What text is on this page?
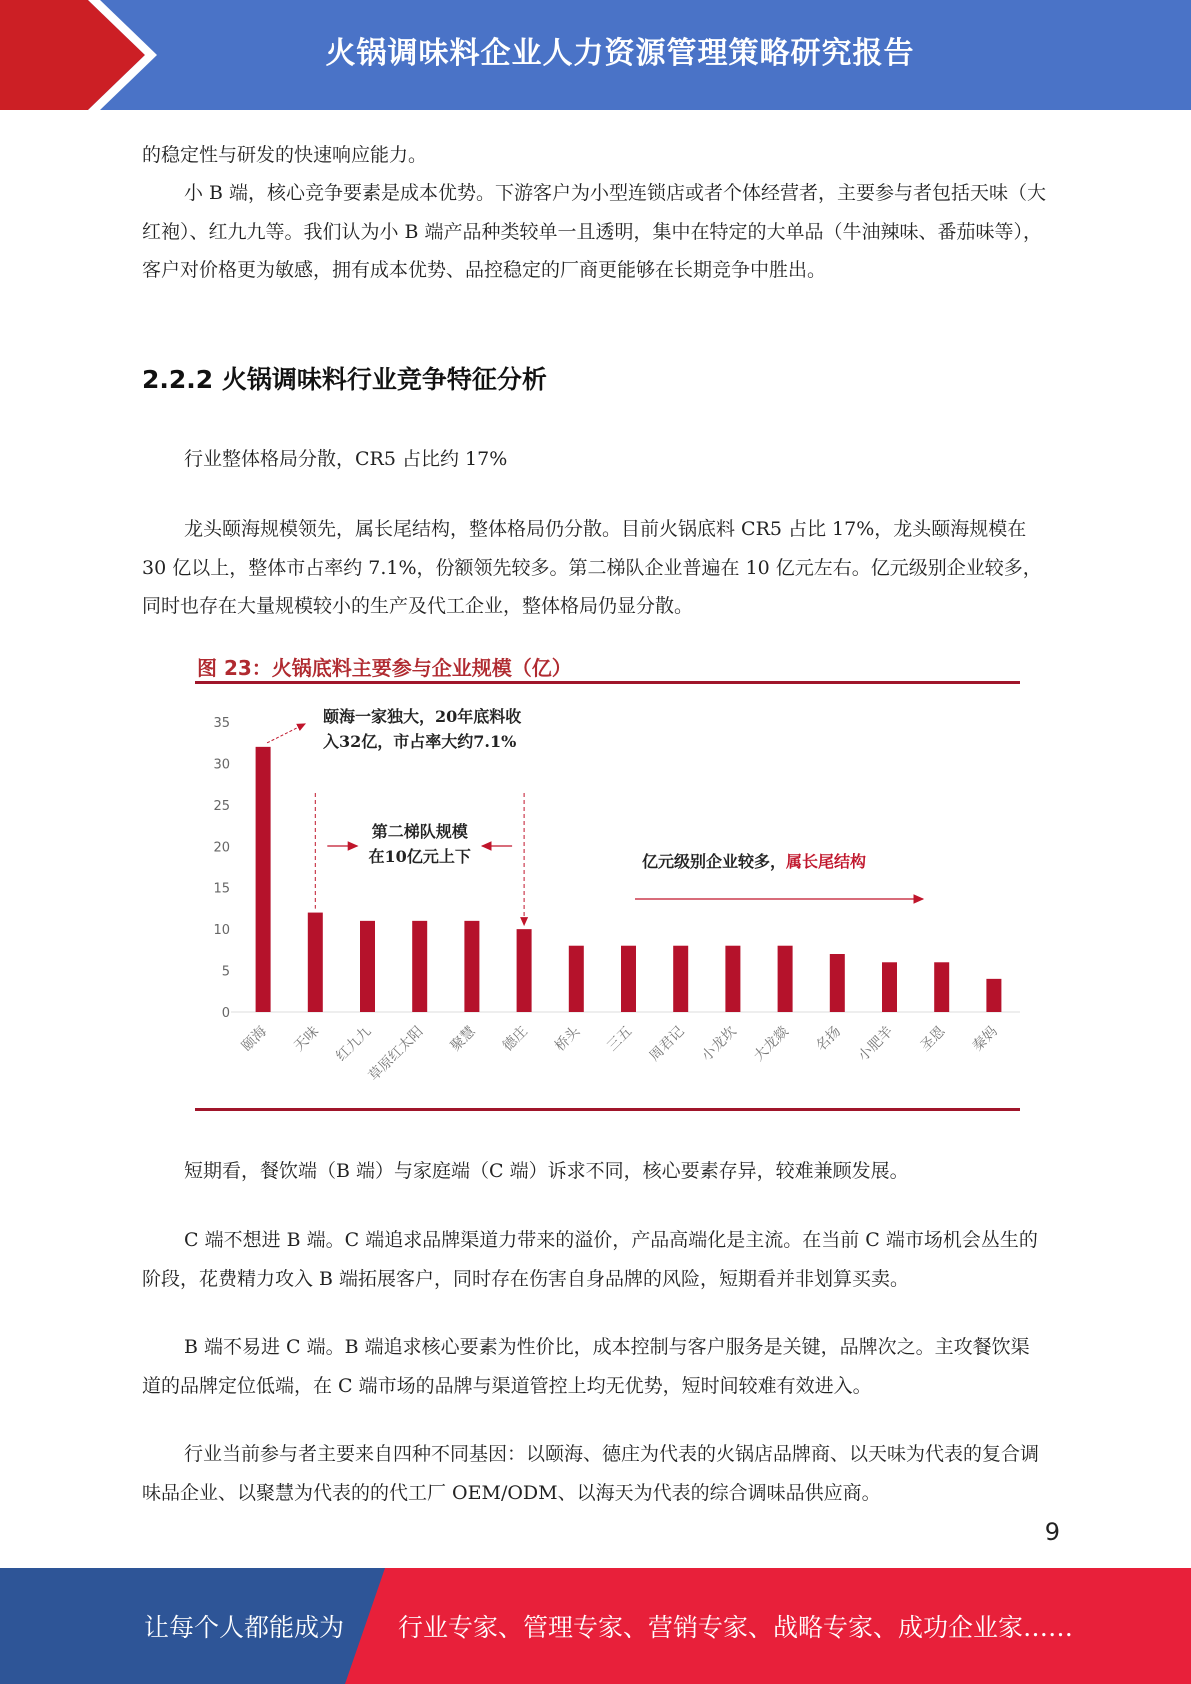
火锅调味料企业人力资源管理策略研究报告

的稳定性与研发的快速响应能力。

小 B 端，核心竞争要素是成本优势。下游客户为小型连锁店或者个体经营者，主要参与者包括天味（大红袍）、红九九等。我们认为小 B 端产品种类较单一且透明，集中在特定的大单品（牛油辣味、番茄味等），客户对价格更为敏感，拥有成本优势、品控稳定的厂商更能够在长期竞争中胜出。

2.2.2 火锅调味料行业竞争特征分析

行业整体格局分散，CR5 占比约 17%

龙头颐海规模领先，属长尾结构，整体格局仍分散。目前火锅底料 CR5 占比 17%，龙头颐海规模在 30 亿以上，整体市占率约 7.1%，份额领先较多。第二梯队企业普遍在 10 亿元左右。亿元级别企业较多，同时也存在大量规模较小的生产及代工企业，整体格局仍显分散。

图 23：火锅底料主要参与企业规模（亿）
0
5
10
15
20
25
30
35
颐海 天味 红九九
草原红太阳 聚慧 德庄 桥头 三五 周君记 小龙坎 大龙燚 名扬 小肥羊 圣恩 秦妈
颐海一家独大，20年底料收
入32亿，市占率大约7.1%
第二梯队规模
在10亿元上下	亿元级别企业较多，属长尾结构

短期看，餐饮端（B 端）与家庭端（C 端）诉求不同，核心要素存异，较难兼顾发展。

C 端不想进 B 端。C 端追求品牌渠道力带来的溢价，产品高端化是主流。在当前 C 端市场机会丛生的阶段，花费精力攻入 B 端拓展客户，同时存在伤害自身品牌的风险，短期看并非划算买卖。

B 端不易进 C 端。B 端追求核心要素为性价比，成本控制与客户服务是关键，品牌次之。主攻餐饮渠道的品牌定位低端，在 C 端市场的品牌与渠道管控上均无优势，短时间较难有效进入。

行业当前参与者主要来自四种不同基因：以颐海、德庄为代表的火锅店品牌商、以天味为代表的复合调味品企业、以聚慧为代表的的代工厂 OEM/ODM、以海天为代表的综合调味品供应商。

9
让每个人都能成为 行业专家、管理专家、营销专家、战略专家、成功企业家……
